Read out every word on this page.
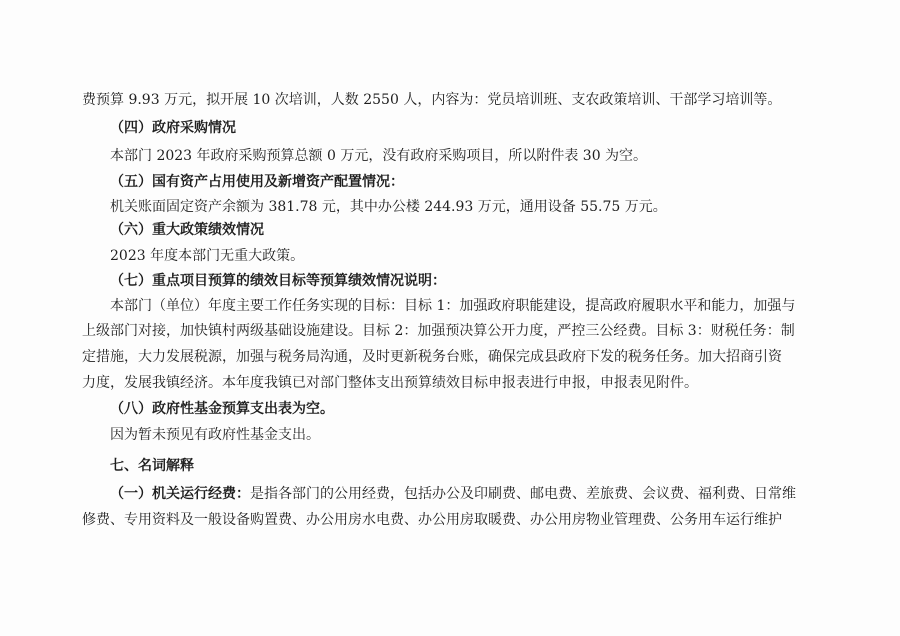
费预算 9.93 万元，拟开展 10 次培训，人数 2550 人，内容为：党员培训班、支农政策培训、干部学习培训等。
（四）政府采购情况
本部门 2023 年政府采购预算总额 0 万元，没有政府采购项目，所以附件表 30 为空。
（五）国有资产占用使用及新增资产配置情况：
机关账面固定资产余额为 381.78 元，其中办公楼 244.93 万元，通用设备 55.75 万元。
（六）重大政策绩效情况
2023 年度本部门无重大政策。
（七）重点项目预算的绩效目标等预算绩效情况说明：
本部门（单位）年度主要工作任务实现的目标：目标 1：加强政府职能建设，提高政府履职水平和能力，加强与
上级部门对接，加快镇村两级基础设施建设。目标 2：加强预决算公开力度，严控三公经费。目标 3：财税任务：制
定措施，大力发展税源，加强与税务局沟通，及时更新税务台账，确保完成县政府下发的税务任务。加大招商引资
力度，发展我镇经济。本年度我镇已对部门整体支出预算绩效目标申报表进行申报，申报表见附件。
（八）政府性基金预算支出表为空。
因为暂未预见有政府性基金支出。
七、名词解释
（一）机关运行经费：是指各部门的公用经费，包括办公及印刷费、邮电费、差旅费、会议费、福利费、日常维
修费、专用资料及一般设备购置费、办公用房水电费、办公用房取暖费、办公用房物业管理费、公务用车运行维护
